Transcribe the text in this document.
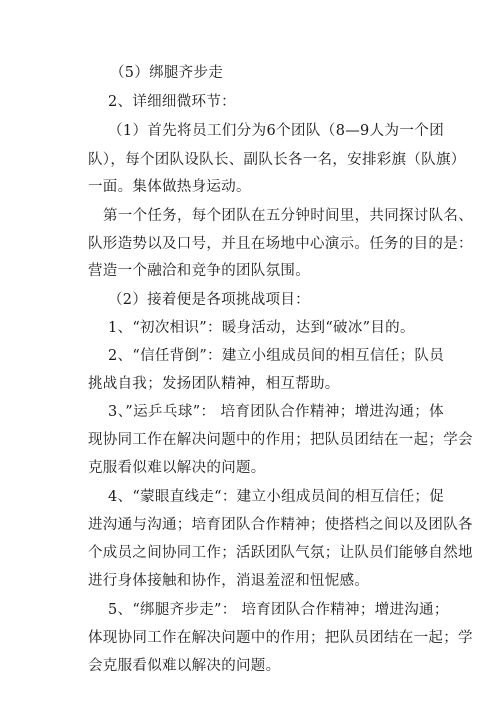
（5）绑腿齐步走
2、详细细微环节：
（1）首先将员工们分为6个团队（8—9人为一个团
队），每个团队设队长、副队长各一名，安排彩旗（队旗）
一面。集体做热身运动。
第一个任务，每个团队在五分钟时间里，共同探讨队名、
队形造势以及口号，并且在场地中心演示。任务的目的是：
营造一个融洽和竞争的团队氛围。
（2）接着便是各项挑战项目：
1、“初次相识”：暖身活动，达到“破冰”目的。
2、“信任背倒”：建立小组成员间的相互信任；队员
挑战自我；发扬团队精神，相互帮助。
3、”运乒乓球”： 培育团队合作精神；增进沟通；体
现协同工作在解决问题中的作用；把队员团结在一起；学会
克服看似难以解决的问题。
4、“蒙眼直线走“：建立小组成员间的相互信任；促
进沟通与沟通；培育团队合作精神；使搭档之间以及团队各
个成员之间协同工作；活跃团队气氛；让队员们能够自然地
进行身体接触和协作，消退羞涩和忸怩感。
5、“绑腿齐步走”： 培育团队合作精神；增进沟通；
体现协同工作在解决问题中的作用；把队员团结在一起；学
会克服看似难以解决的问题。
